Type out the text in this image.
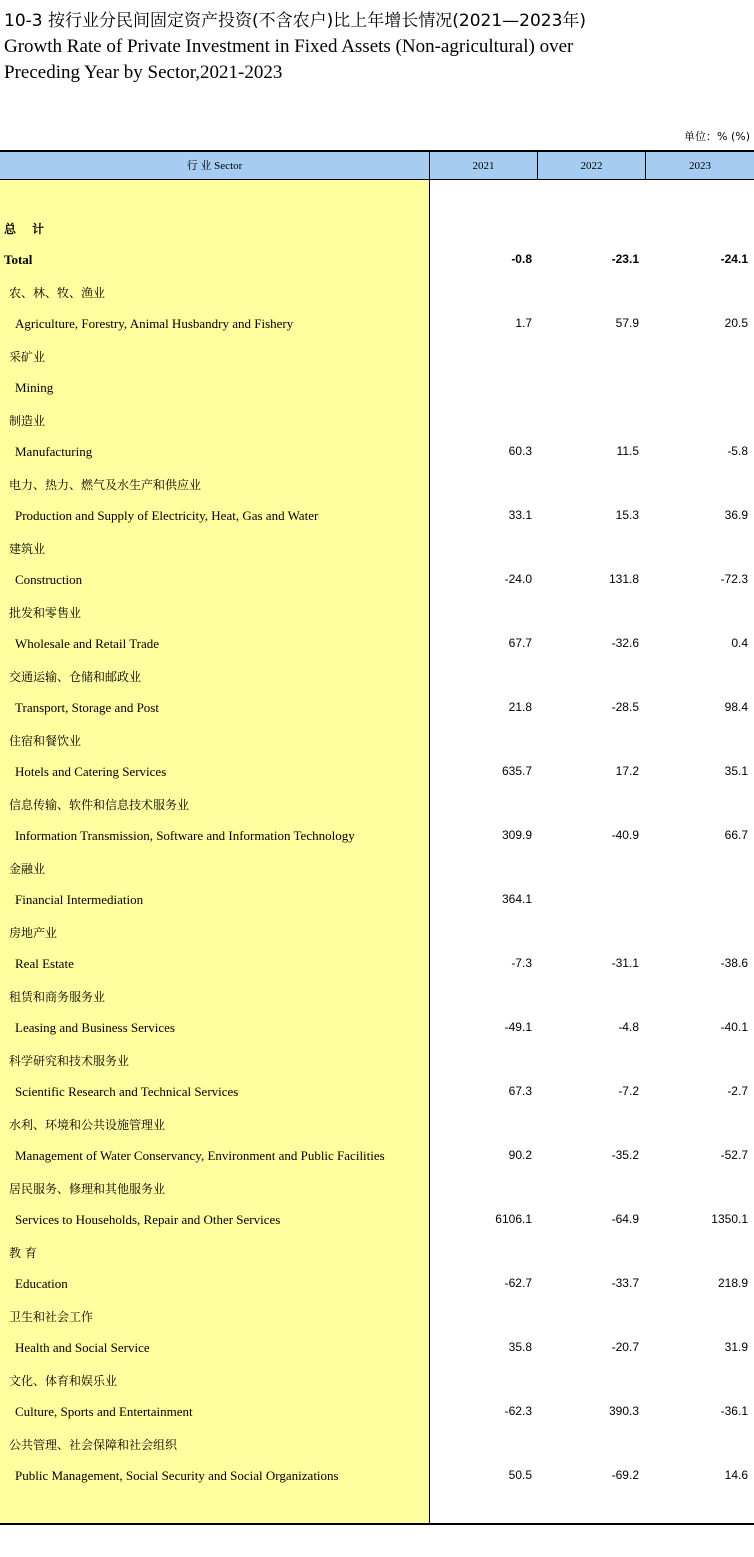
10-3 按行业分民间固定资产投资(不含农户)比上年增长情况(2021—2023年)
Growth Rate of Private Investment in Fixed Assets (Non-agricultural) over
Preceding Year by Sector,2021-2023
单位：% (%)
行 业 Sector	2021	2022	2023
总 计
Total	-0.8	-23.1	-24.1
农、林、牧、渔业
Agriculture, Forestry, Animal Husbandry and Fishery	1.7	57.9	20.5
采矿业
Mining
制造业
Manufacturing	60.3	11.5	-5.8
电力、热力、燃气及水生产和供应业
Production and Supply of Electricity, Heat, Gas and Water	33.1	15.3	36.9
建筑业
Construction	-24.0	131.8	-72.3
批发和零售业
Wholesale and Retail Trade	67.7	-32.6	0.4
交通运输、仓储和邮政业
Transport, Storage and Post	21.8	-28.5	98.4
住宿和餐饮业
Hotels and Catering Services	635.7	17.2	35.1
信息传输、软件和信息技术服务业
Information Transmission, Software and Information Technology	309.9	-40.9	66.7
金融业
Financial Intermediation	364.1
房地产业
Real Estate	-7.3	-31.1	-38.6
租赁和商务服务业
Leasing and Business Services	-49.1	-4.8	-40.1
科学研究和技术服务业
Scientific Research and Technical Services	67.3	-7.2	-2.7
水利、环境和公共设施管理业
Management of Water Conservancy, Environment and Public Facilities	90.2	-35.2	-52.7
居民服务、修理和其他服务业
Services to Households, Repair and Other Services	6106.1	-64.9	1350.1
教 育
Education	-62.7	-33.7	218.9
卫生和社会工作
Health and Social Service	35.8	-20.7	31.9
文化、体育和娱乐业
Culture, Sports and Entertainment	-62.3	390.3	-36.1
公共管理、社会保障和社会组织
Public Management, Social Security and Social Organizations	50.5	-69.2	14.6
